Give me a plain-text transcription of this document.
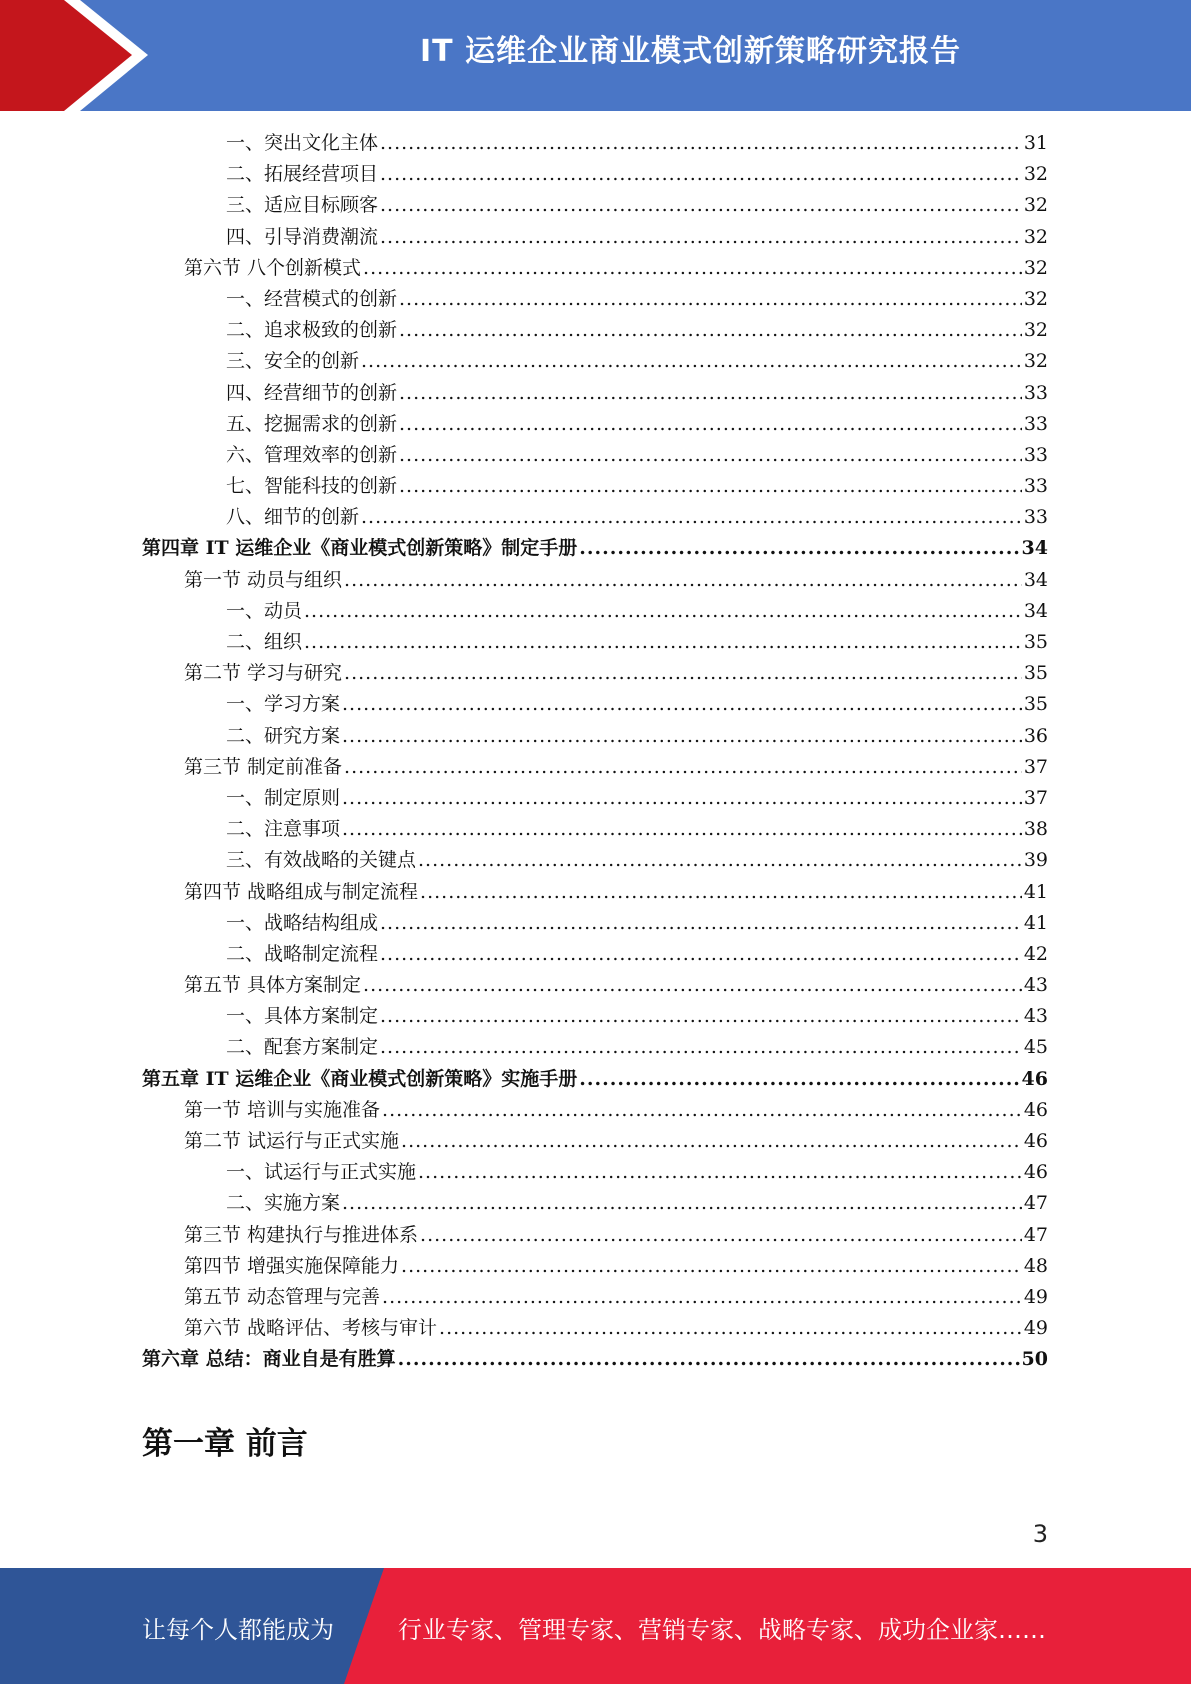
IT 运维企业商业模式创新策略研究报告
一、突出文化主体 .....	31
二、拓展经营项目 .....	32
三、适应目标顾客 .....	32
四、引导消费潮流 .....	32
第六节 八个创新模式 .....	32
一、经营模式的创新 .....	32
二、追求极致的创新 .....	32
三、安全的创新 .....	32
四、经营细节的创新 .....	33
五、挖掘需求的创新 .....	33
六、管理效率的创新 .....	33
七、智能科技的创新 .....	33
八、细节的创新 .....	33
第四章 IT 运维企业《商业模式创新策略》制定手册 .....	34
第一节 动员与组织 .....	34
一、动员 .....	34
二、组织 .....	35
第二节 学习与研究 .....	35
一、学习方案 .....	35
二、研究方案 .....	36
第三节 制定前准备 .....	37
一、制定原则 .....	37
二、注意事项 .....	38
三、有效战略的关键点 .....	39
第四节 战略组成与制定流程 .....	41
一、战略结构组成 .....	41
二、战略制定流程 .....	42
第五节 具体方案制定 .....	43
一、具体方案制定 .....	43
二、配套方案制定 .....	45
第五章 IT 运维企业《商业模式创新策略》实施手册 .....	46
第一节 培训与实施准备 .....	46
第二节 试运行与正式实施 .....	46
一、试运行与正式实施 .....	46
二、实施方案 .....	47
第三节 构建执行与推进体系 .....	47
第四节 增强实施保障能力 .....	48
第五节 动态管理与完善 .....	49
第六节 战略评估、考核与审计 .....	49
第六章 总结：商业自是有胜算 .....	50
第一章 前言
3
让每个人都能成为	行业专家、管理专家、营销专家、战略专家、成功企业家……
